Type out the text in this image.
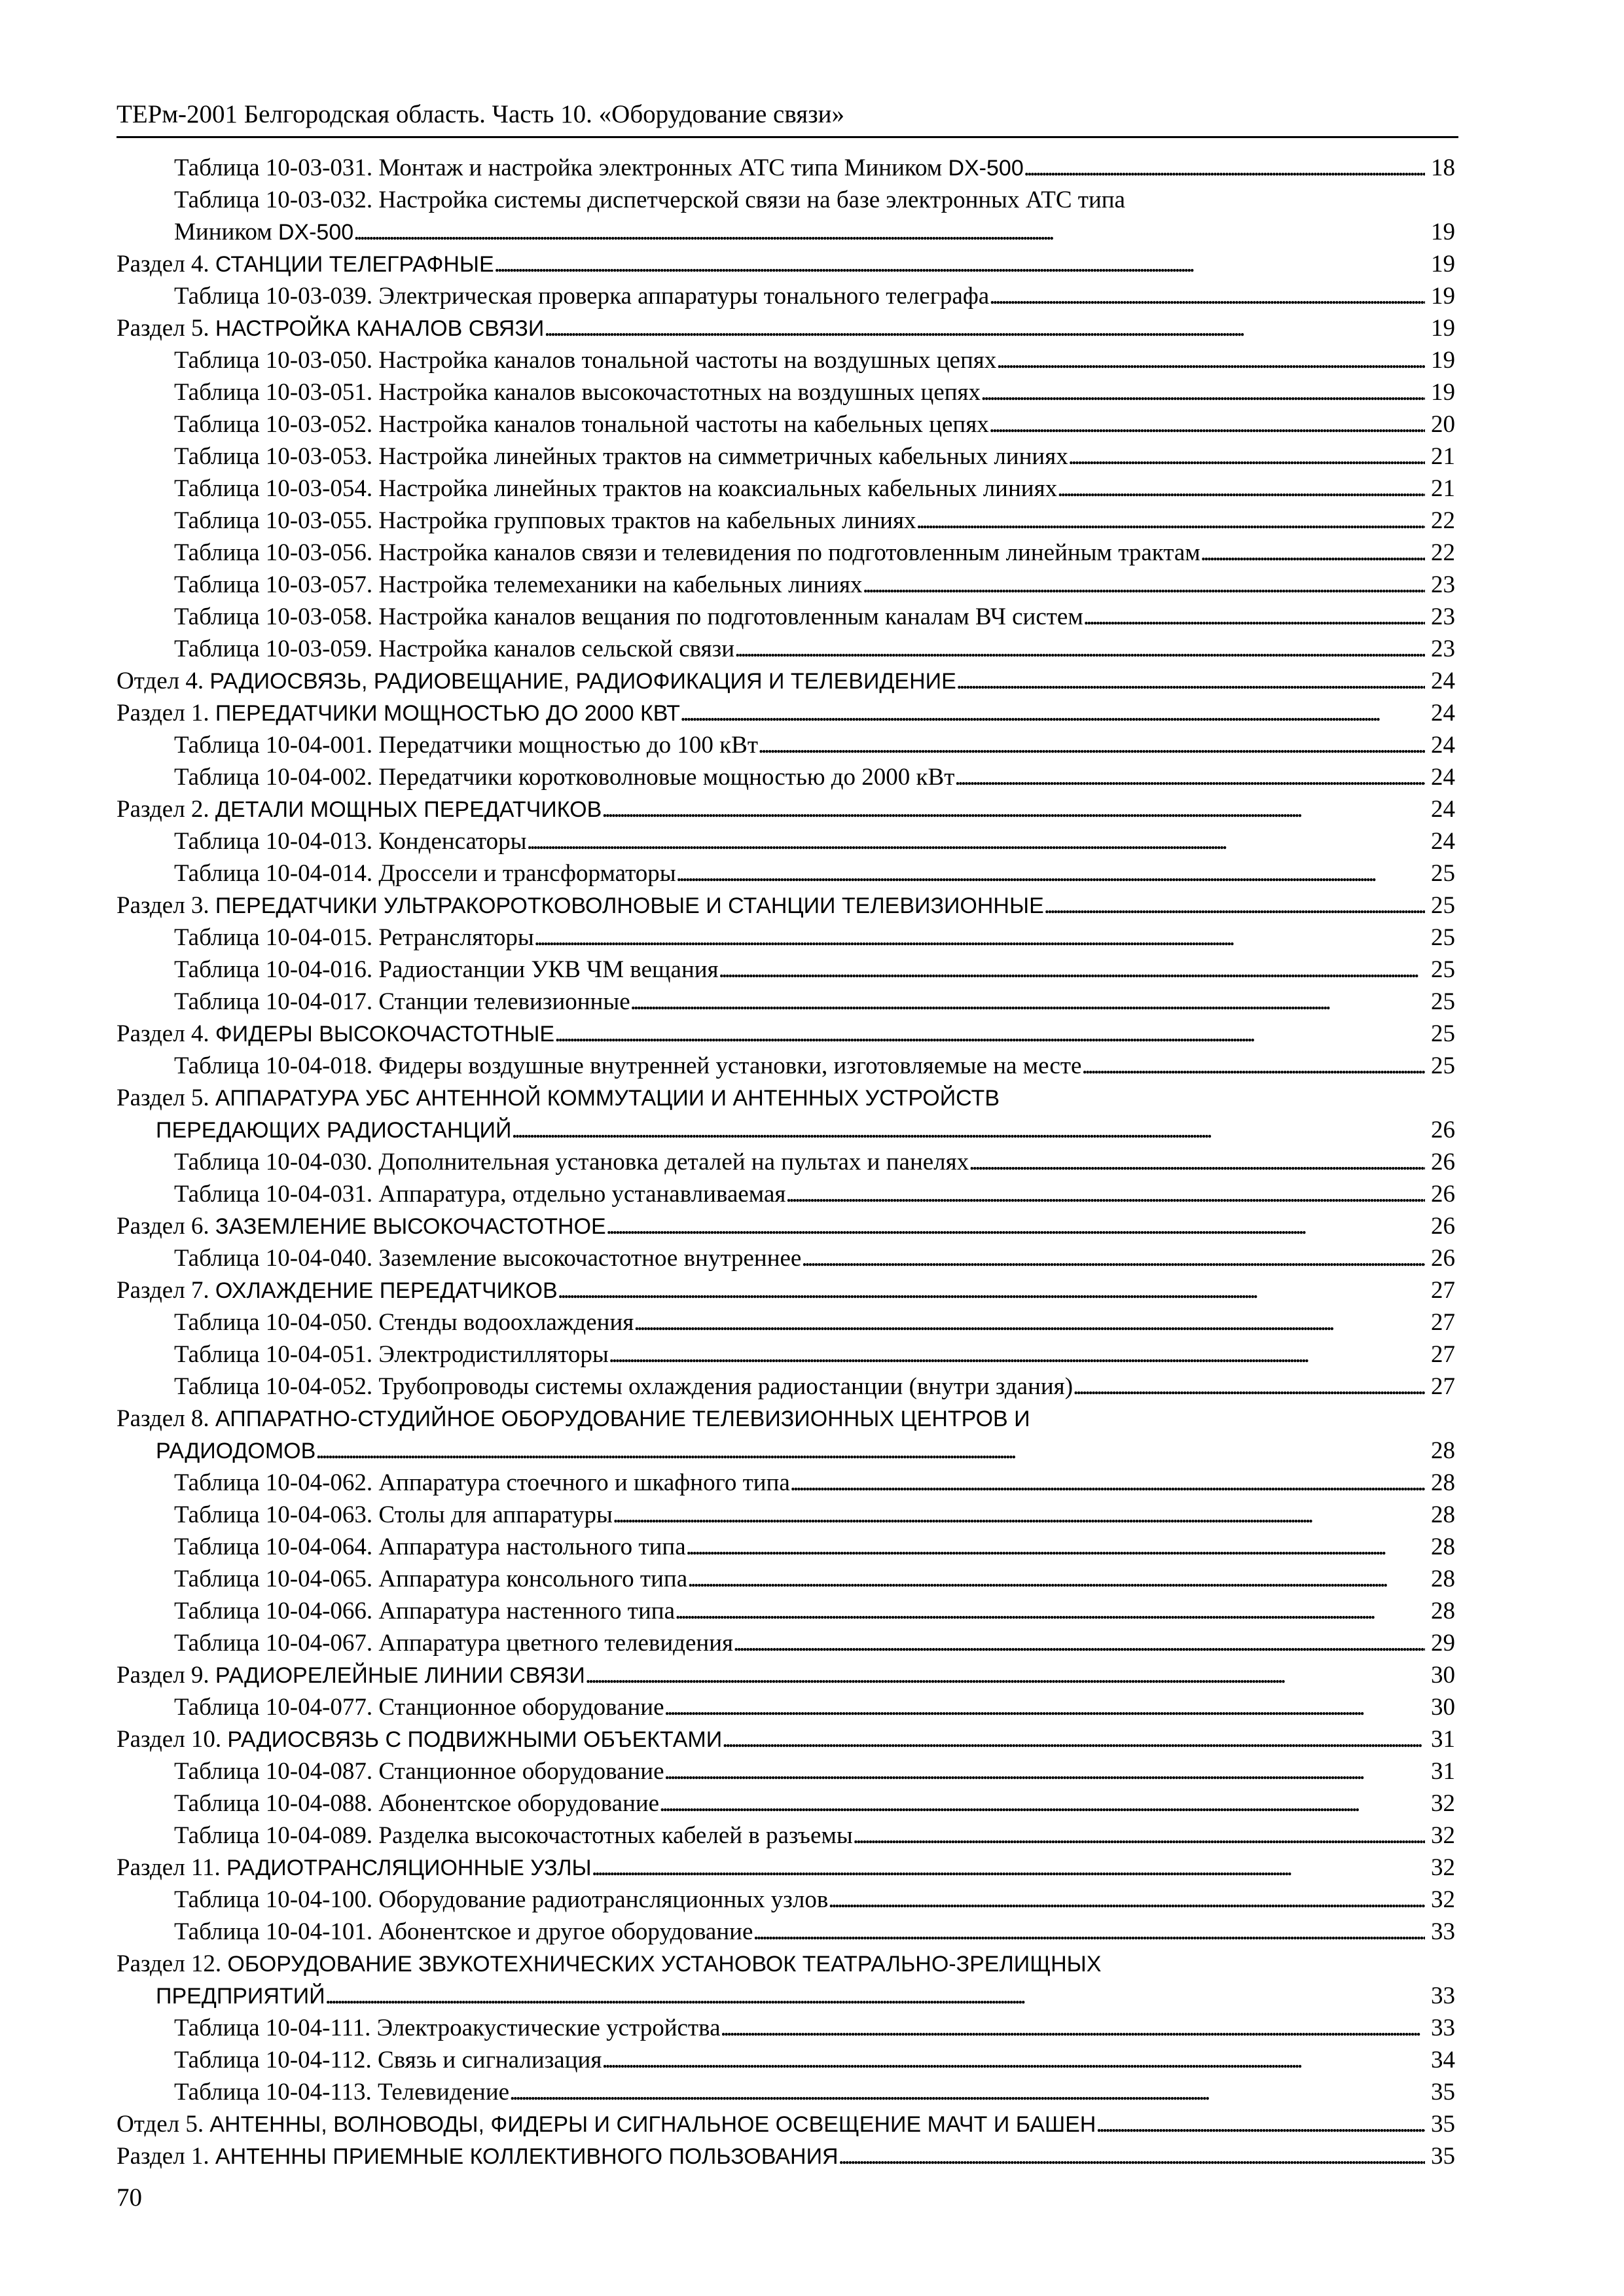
ТЕРм-2001 Белгородская область. Часть 10. «Оборудование связи»
Таблица 10-03-031. Монтаж и настройка электронных АТС типа Миником DX-500 . . .	18
Таблица 10-03-032. Настройка системы диспетчерской связи на базе электронных АТС типа
Миником DX-500 . . .	19
Раздел 4. СТАНЦИИ ТЕЛЕГРАФНЫЕ . . .	19
Таблица 10-03-039. Электрическая проверка аппаратуры тонального телеграфа . . .	19
Раздел 5. НАСТРОЙКА КАНАЛОВ СВЯЗИ . . .	19
Таблица 10-03-050. Настройка каналов тональной частоты на воздушных цепях . . .	19
Таблица 10-03-051. Настройка каналов высокочастотных на воздушных цепях . . .	19
Таблица 10-03-052. Настройка каналов тональной частоты на кабельных цепях . . .	20
Таблица 10-03-053. Настройка линейных трактов на симметричных кабельных линиях . . .	21
Таблица 10-03-054. Настройка линейных трактов на коаксиальных кабельных линиях . . .	21
Таблица 10-03-055. Настройка групповых трактов на кабельных линиях . . .	22
Таблица 10-03-056. Настройка каналов связи и телевидения по подготовленным линейным трактам . . .	22
Таблица 10-03-057. Настройка телемеханики на кабельных линиях . . .	23
Таблица 10-03-058. Настройка каналов вещания по подготовленным каналам ВЧ систем . . .	23
Таблица 10-03-059. Настройка каналов сельской связи . . .	23
Отдел 4. РАДИОСВЯЗЬ, РАДИОВЕЩАНИЕ, РАДИОФИКАЦИЯ И ТЕЛЕВИДЕНИЕ . . .	24
Раздел 1. ПЕРЕДАТЧИКИ МОЩНОСТЬЮ ДО 2000 КВТ . . .	24
Таблица 10-04-001. Передатчики мощностью до 100 кВт . . .	24
Таблица 10-04-002. Передатчики коротковолновые мощностью до 2000 кВт . . .	24
Раздел 2. ДЕТАЛИ МОЩНЫХ ПЕРЕДАТЧИКОВ . . .	24
Таблица 10-04-013. Конденсаторы . . .	24
Таблица 10-04-014. Дроссели и трансформаторы . . .	25
Раздел 3. ПЕРЕДАТЧИКИ УЛЬТРАКОРОТКОВОЛНОВЫЕ И СТАНЦИИ ТЕЛЕВИЗИОННЫЕ . . .	25
Таблица 10-04-015. Ретрансляторы . . .	25
Таблица 10-04-016. Радиостанции УКВ ЧМ вещания . . .	25
Таблица 10-04-017. Станции телевизионные . . .	25
Раздел 4. ФИДЕРЫ ВЫСОКОЧАСТОТНЫЕ . . .	25
Таблица 10-04-018. Фидеры воздушные внутренней установки, изготовляемые на месте . . .	25
Раздел 5. АППАРАТУРА УБС АНТЕННОЙ КОММУТАЦИИ И АНТЕННЫХ УСТРОЙСТВ
ПЕРЕДАЮЩИХ РАДИОСТАНЦИЙ . . .	26
Таблица 10-04-030. Дополнительная установка деталей на пультах и панелях . . .	26
Таблица 10-04-031. Аппаратура, отдельно устанавливаемая . . .	26
Раздел 6. ЗАЗЕМЛЕНИЕ ВЫСОКОЧАСТОТНОЕ . . .	26
Таблица 10-04-040. Заземление высокочастотное внутреннее . . .	26
Раздел 7. ОХЛАЖДЕНИЕ ПЕРЕДАТЧИКОВ . . .	27
Таблица 10-04-050. Стенды водоохлаждения . . .	27
Таблица 10-04-051. Электродистилляторы . . .	27
Таблица 10-04-052. Трубопроводы системы охлаждения радиостанции (внутри здания) . . .	27
Раздел 8. АППАРАТНО-СТУДИЙНОЕ ОБОРУДОВАНИЕ ТЕЛЕВИЗИОННЫХ ЦЕНТРОВ И
РАДИОДОМОВ . . .	28
Таблица 10-04-062. Аппаратура стоечного и шкафного типа . . .	28
Таблица 10-04-063. Столы для аппаратуры . . .	28
Таблица 10-04-064. Аппаратура настольного типа . . .	28
Таблица 10-04-065. Аппаратура консольного типа . . .	28
Таблица 10-04-066. Аппаратура настенного типа . . .	28
Таблица 10-04-067. Аппаратура цветного телевидения . . .	29
Раздел 9. РАДИОРЕЛЕЙНЫЕ ЛИНИИ СВЯЗИ . . .	30
Таблица 10-04-077. Станционное оборудование . . .	30
Раздел 10. РАДИОСВЯЗЬ С ПОДВИЖНЫМИ ОБЪЕКТАМИ . . .	31
Таблица 10-04-087. Станционное оборудование . . .	31
Таблица 10-04-088. Абонентское оборудование . . .	32
Таблица 10-04-089. Разделка высокочастотных кабелей в разъемы . . .	32
Раздел 11. РАДИОТРАНСЛЯЦИОННЫЕ УЗЛЫ . . .	32
Таблица 10-04-100. Оборудование радиотрансляционных узлов . . .	32
Таблица 10-04-101. Абонентское и другое оборудование . . .	33
Раздел 12. ОБОРУДОВАНИЕ ЗВУКОТЕХНИЧЕСКИХ УСТАНОВОК ТЕАТРАЛЬНО-ЗРЕЛИЩНЫХ
ПРЕДПРИЯТИЙ . . .	33
Таблица 10-04-111. Электроакустические устройства . . .	33
Таблица 10-04-112. Связь и сигнализация . . .	34
Таблица 10-04-113. Телевидение . . .	35
Отдел 5. АНТЕННЫ, ВОЛНОВОДЫ, ФИДЕРЫ И СИГНАЛЬНОЕ ОСВЕЩЕНИЕ МАЧТ И БАШЕН . . .	35
Раздел 1. АНТЕННЫ ПРИЕМНЫЕ КОЛЛЕКТИВНОГО ПОЛЬЗОВАНИЯ . . .	35
70
